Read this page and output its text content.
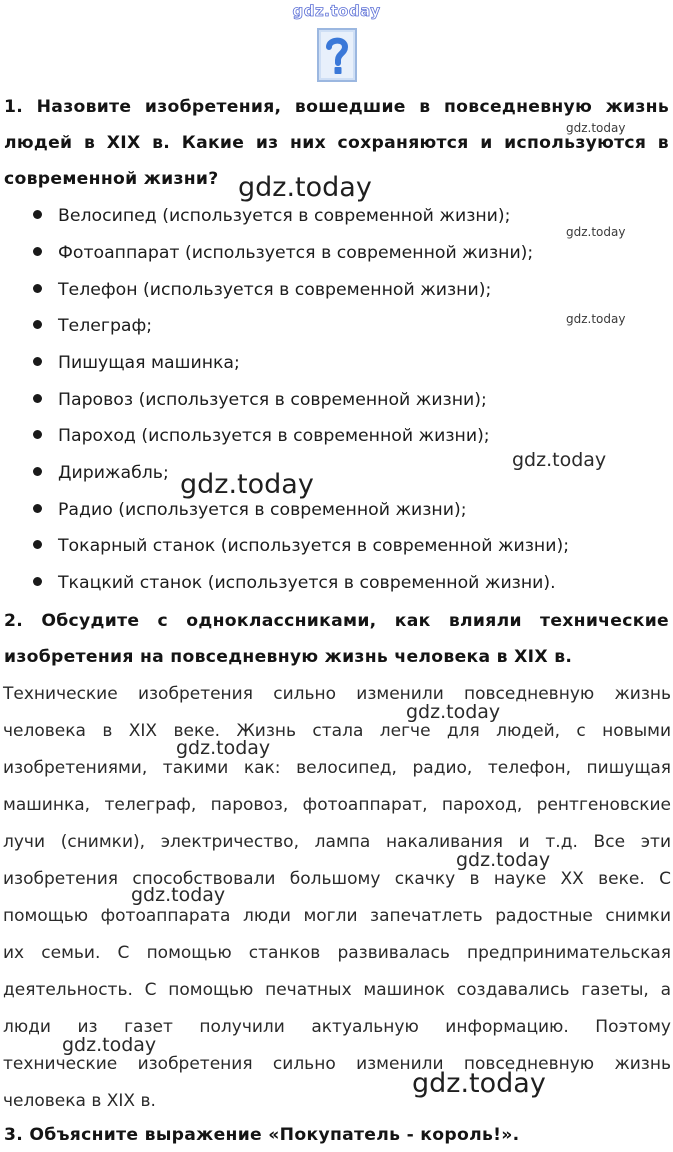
gdz.today
1. Назовите изобретения, вошедшие в повседневную жизнь
людей в XIX в. Какие из них сохраняются и используются в
современной жизни?
Велосипед (используется в современной жизни);
Фотоаппарат (используется в современной жизни);
Телефон (используется в современной жизни);
Телеграф;
Пишущая машинка;
Паровоз (используется в современной жизни);
Пароход (используется в современной жизни);
Дирижабль;
Радио (используется в современной жизни);
Токарный станок (используется в современной жизни);
Ткацкий станок (используется в современной жизни).
2. Обсудите с одноклассниками, как влияли технические
изобретения на повседневную жизнь человека в XIX в.
Технические изобретения сильно изменили повседневную жизнь
человека в XIX веке. Жизнь стала легче для людей, с новыми
изобретениями, такими как: велосипед, радио, телефон, пишущая
машинка, телеграф, паровоз, фотоаппарат, пароход, рентгеновские
лучи (снимки), электричество, лампа накаливания и т.д. Все эти
изобретения способствовали большому скачку в науке XX веке. С
помощью фотоаппарата люди могли запечатлеть радостные снимки
их семьи. С помощью станков развивалась предпринимательская
деятельность. С помощью печатных машинок создавались газеты, а
люди из газет получили актуальную информацию. Поэтому
технические изобретения сильно изменили повседневную жизнь
человека в XIX в.
3. Объясните выражение «Покупатель - король!».
gdz.today
gdz.today
gdz.today
gdz.today
gdz.today
gdz.today
gdz.today
gdz.today
gdz.today
gdz.today
gdz.today
gdz.today
